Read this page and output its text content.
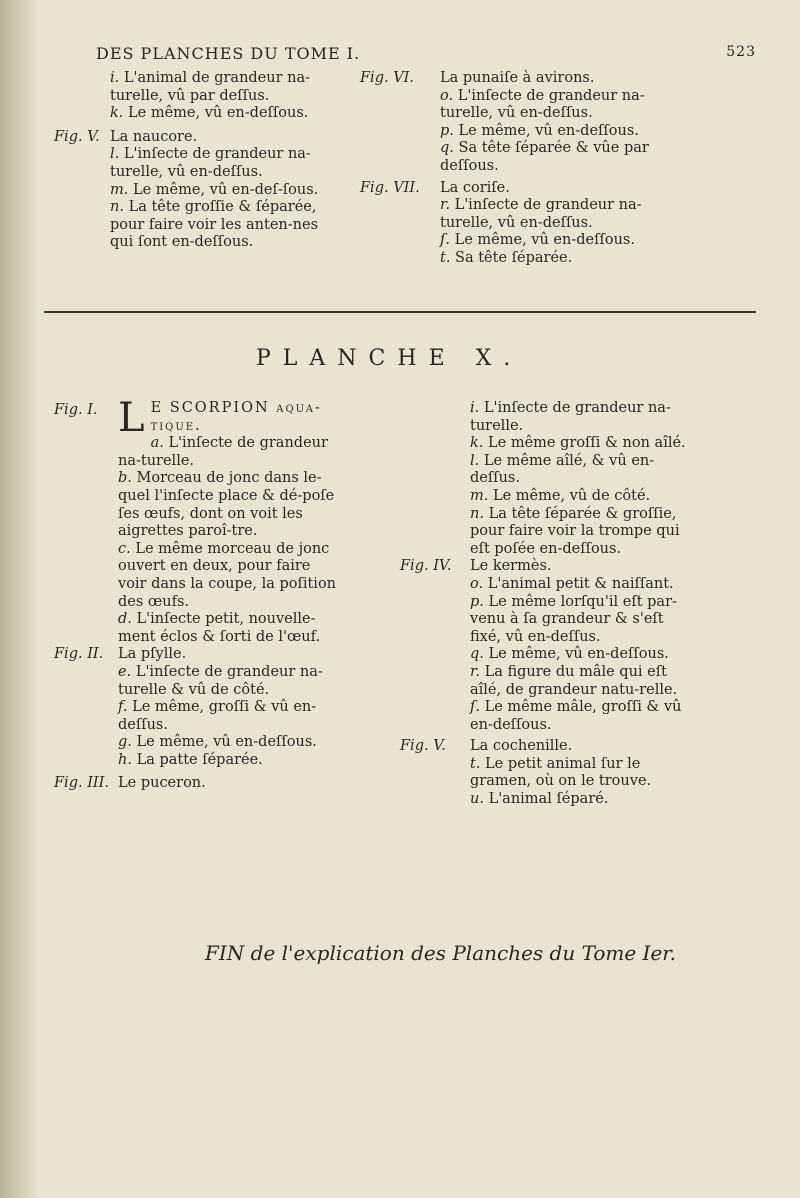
DES PLANCHES DU TOME I.	523
i. L'animal de grandeur na-turelle, vû par deſſus.
k. Le même, vû en-deſſous.
Fig. V. La naucore.
l. L'inſecte de grandeur na-turelle, vû en-deſſus.
m. Le même, vû en-deſ-ſous.
n. La tête groſſie & ſéparée, pour faire voir les anten-nes qui ſont en-deſſous.
Fig. VI. La punaiſe à avirons.
o. L'inſecte de grandeur na-turelle, vû en-deſſus.
p. Le même, vû en-deſſous.
q. Sa tête ſéparée & vûe par deſſous.
Fig. VII. La coriſe.
r. L'inſecte de grandeur na-turelle, vû en-deſſus.
ſ. Le même, vû en-deſſous.
t. Sa tête ſéparée.
PLANCHE X.
Fig. I. L E SCORPION aqua-tique.
a. L'inſecte de grandeur na-turelle.
b. Morceau de jonc dans le-quel l'inſecte place & dé-poſe ſes œufs, dont on voit les aigrettes paroî-tre.
c. Le même morceau de jonc ouvert en deux, pour faire voir dans la coupe, la poſition des œufs.
d. L'inſecte petit, nouvelle-ment éclos & ſorti de l'œuf.
Fig. II. La pſylle.
e. L'inſecte de grandeur na-turelle & vû de côté.
f. Le même, groſſi & vû en-deſſus.
g. Le même, vû en-deſſous.
h. La patte ſéparée.
Fig. III. Le puceron.
i. L'inſecte de grandeur na-turelle.
k. Le même groſſi & non aîlé.
l. Le même aîlé, & vû en-deſſus.
m. Le même, vû de côté.
n. La tête ſéparée & groſſie, pour faire voir la trompe qui eſt poſée en-deſſous.
Fig. IV. Le kermès.
o. L'animal petit & naiſſant.
p. Le même lorſqu'il eſt par-venu à ſa grandeur & s'eſt fixé, vû en-deſſus.
q. Le même, vû en-deſſous.
r. La figure du mâle qui eſt aîlé, de grandeur natu-relle.
ſ. Le même mâle, groſſi & vû en-deſſous.
Fig. V. La cochenille.
t. Le petit animal ſur le gramen, où on le trouve.
u. L'animal ſéparé.
FIN de l'explication des Planches du Tome Ier.
